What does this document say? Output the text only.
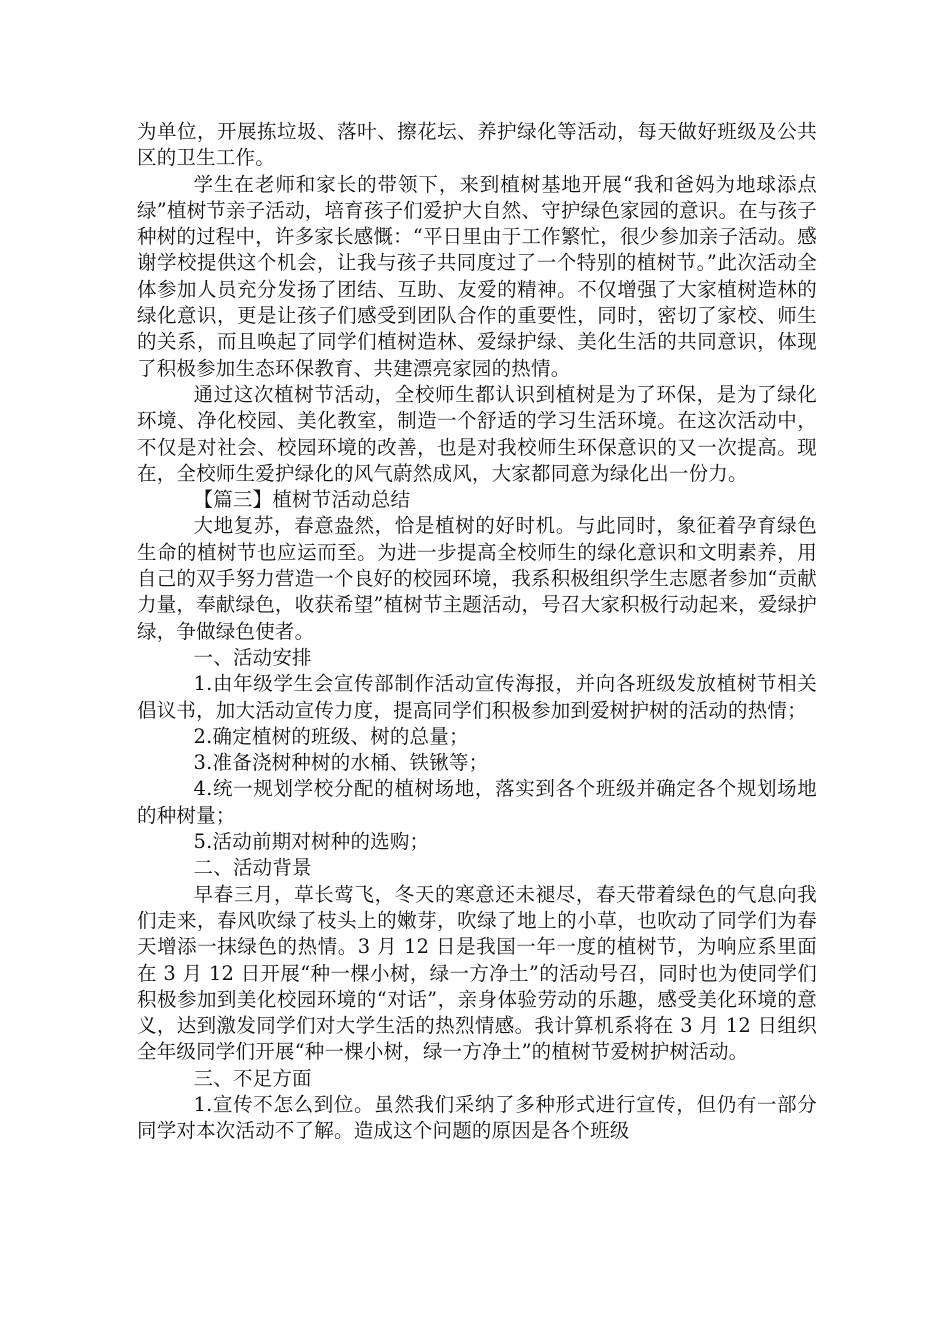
为单位，开展拣垃圾、落叶、擦花坛、养护绿化等活动，每天做好班级及公共区的卫生工作。

学生在老师和家长的带领下，来到植树基地开展“我和爸妈为地球添点绿”植树节亲子活动，培育孩子们爱护大自然、守护绿色家园的意识。在与孩子种树的过程中，许多家长感慨：“平日里由于工作繁忙，很少参加亲子活动。感谢学校提供这个机会，让我与孩子共同度过了一个特别的植树节。”此次活动全体参加人员充分发扬了团结、互助、友爱的精神。不仅增强了大家植树造林的绿化意识，更是让孩子们感受到团队合作的重要性，同时，密切了家校、师生的关系，而且唤起了同学们植树造林、爱绿护绿、美化生活的共同意识，体现了积极参加生态环保教育、共建漂亮家园的热情。

通过这次植树节活动，全校师生都认识到植树是为了环保，是为了绿化环境、净化校园、美化教室，制造一个舒适的学习生活环境。在这次活动中，不仅是对社会、校园环境的改善，也是对我校师生环保意识的又一次提高。现在，全校师生爱护绿化的风气蔚然成风，大家都同意为绿化出一份力。

【篇三】植树节活动总结

大地复苏，春意盎然，恰是植树的好时机。与此同时，象征着孕育绿色生命的植树节也应运而至。为进一步提高全校师生的绿化意识和文明素养，用自己的双手努力营造一个良好的校园环境，我系积极组织学生志愿者参加“贡献力量，奉献绿色，收获希望”植树节主题活动，号召大家积极行动起来，爱绿护绿，争做绿色使者。

一、活动安排

1.由年级学生会宣传部制作活动宣传海报，并向各班级发放植树节相关倡议书，加大活动宣传力度，提高同学们积极参加到爱树护树的活动的热情；

2.确定植树的班级、树的总量；

3.准备浇树种树的水桶、铁锹等；

4.统一规划学校分配的植树场地，落实到各个班级并确定各个规划场地的种树量；

5.活动前期对树种的选购；

二、活动背景

早春三月，草长莺飞，冬天的寒意还未褪尽，春天带着绿色的气息向我们走来，春风吹绿了枝头上的嫩芽，吹绿了地上的小草，也吹动了同学们为春天增添一抹绿色的热情。3 月 12 日是我国一年一度的植树节，为响应系里面在 3 月 12 日开展“种一棵小树，绿一方净土”的活动号召，同时也为使同学们积极参加到美化校园环境的“对话”，亲身体验劳动的乐趣，感受美化环境的意义，达到激发同学们对大学生活的热烈情感。我计算机系将在 3 月 12 日组织全年级同学们开展“种一棵小树，绿一方净土”的植树节爱树护树活动。

三、不足方面

1.宣传不怎么到位。虽然我们采纳了多种形式进行宣传，但仍有一部分同学对本次活动不了解。造成这个问题的原因是各个班级
